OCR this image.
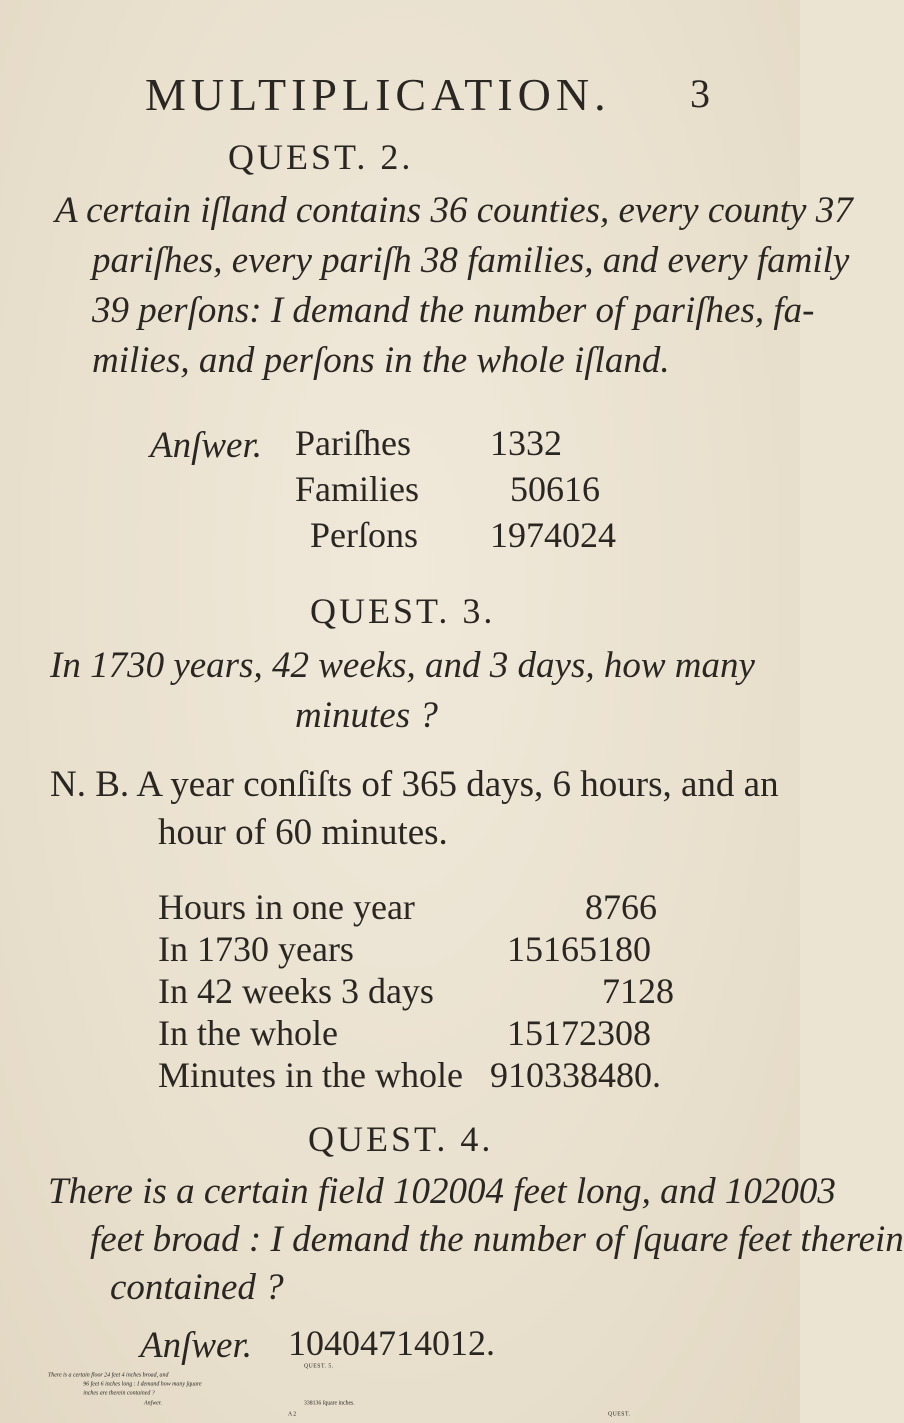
MULTIPLICATION. 3
QUEST. 2.
A certain iſland contains 36 counties, every county 37
pariſhes, every pariſh 38 families, and every family
39 perſons: I demand the number of pariſhes, fa-
milies, and perſons in the whole iſland.
Anſwer. Pariſhes 1332
Families	50616
Perſons 1974024
QUEST. 3.
In 1730 years, 42 weeks, and 3 days, how many
minutes ?
N. B. A year conſiſts of 365 days, 6 hours, and an
hour of 60 minutes.
Hours in one year	8766
In 1730 years	15165180
In 42 weeks 3 days	7128
In the whole	15172308
Minutes in the whole 910338480.
QUEST. 4.
There is a certain field 102004 feet long, and 102003
feet broad : I demand the number of ſquare feet therein
contained ?
Anſwer. 10404714012.
QUEST. 5.
There is a certain floor 24 feet 4 inches broad, and
96 feet 6 inches long : I demand how many ſquare
inches are therein contained ?
Anſwer.	338136 ſquare inches.
A 2	QUEST.
